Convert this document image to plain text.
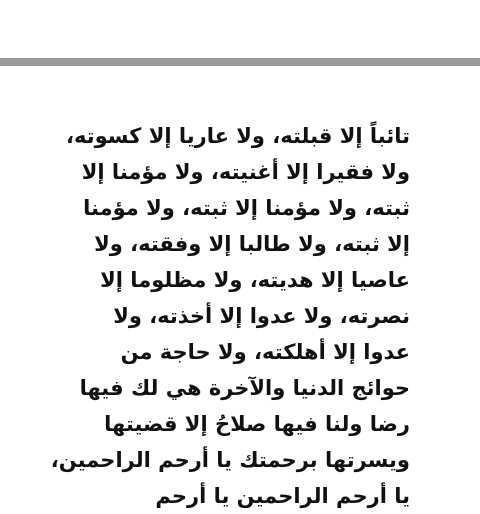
تائباً إلا قبلته، ولا عاريا إلا كسوته،
ولا فقيرا إلا أغنيته، ولا مؤمنا إلا
ثبته، ولا مؤمنا إلا ثبته، ولا مؤمنا
إلا ثبته، ولا طالبا إلا وفقته، ولا
عاصيا إلا هديته، ولا مظلوما إلا
نصرته، ولا عدوا إلا أخذته، ولا
عدوا إلا أهلكته، ولا حاجة من
حوائج الدنيا والآخرة هي لك فيها
رضا ولنا فيها صلاحُ إلا قضيتها
ويسرتها برحمتك يا أرحم الراحمين،
يا أرحم الراحمين يا أرحم
